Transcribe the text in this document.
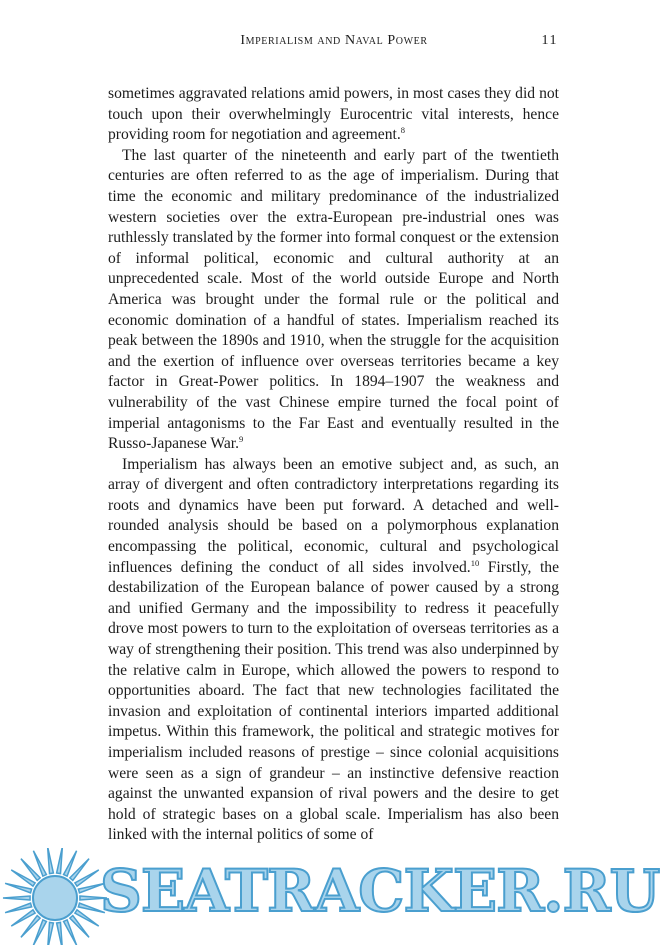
Imperialism and Naval Power	11

sometimes aggravated relations amid powers, in most cases they did not touch upon their overwhelmingly Eurocentric vital interests, hence providing room for negotiation and agreement.$^8$

The last quarter of the nineteenth and early part of the twentieth centuries are often referred to as the age of imperialism. During that time the economic and military predominance of the industrialized western societies over the extra-European pre-industrial ones was ruthlessly translated by the former into formal conquest or the extension of informal political, economic and cultural authority at an unprecedented scale. Most of the world outside Europe and North America was brought under the formal rule or the political and economic domination of a handful of states. Imperialism reached its peak between the 1890s and 1910, when the struggle for the acquisition and the exertion of influence over overseas territories became a key factor in Great-Power politics. In 1894–1907 the weakness and vulnerability of the vast Chinese empire turned the focal point of imperial antagonisms to the Far East and eventually resulted in the Russo-Japanese War.$^9$

Imperialism has always been an emotive subject and, as such, an array of divergent and often contradictory interpretations regarding its roots and dynamics have been put forward. A detached and well-rounded analysis should be based on a polymorphous explanation encompassing the political, economic, cultural and psychological influences defining the conduct of all sides involved.$^{10}$ Firstly, the destabilization of the European balance of power caused by a strong and unified Germany and the impossibility to redress it peacefully drove most powers to turn to the exploitation of overseas territories as a way of strengthening their position. This trend was also underpinned by the relative calm in Europe, which allowed the powers to respond to opportunities aboard. The fact that new technologies facilitated the invasion and exploitation of continental interiors imparted additional impetus. Within this framework, the political and strategic motives for imperialism included reasons of prestige – since colonial acquisitions were seen as a sign of grandeur – an instinctive defensive reaction against the unwanted expansion of rival powers and the desire to get hold of strategic bases on a global scale. Imperialism has also been linked with the internal politics of some of

SEATRACKER.RU
